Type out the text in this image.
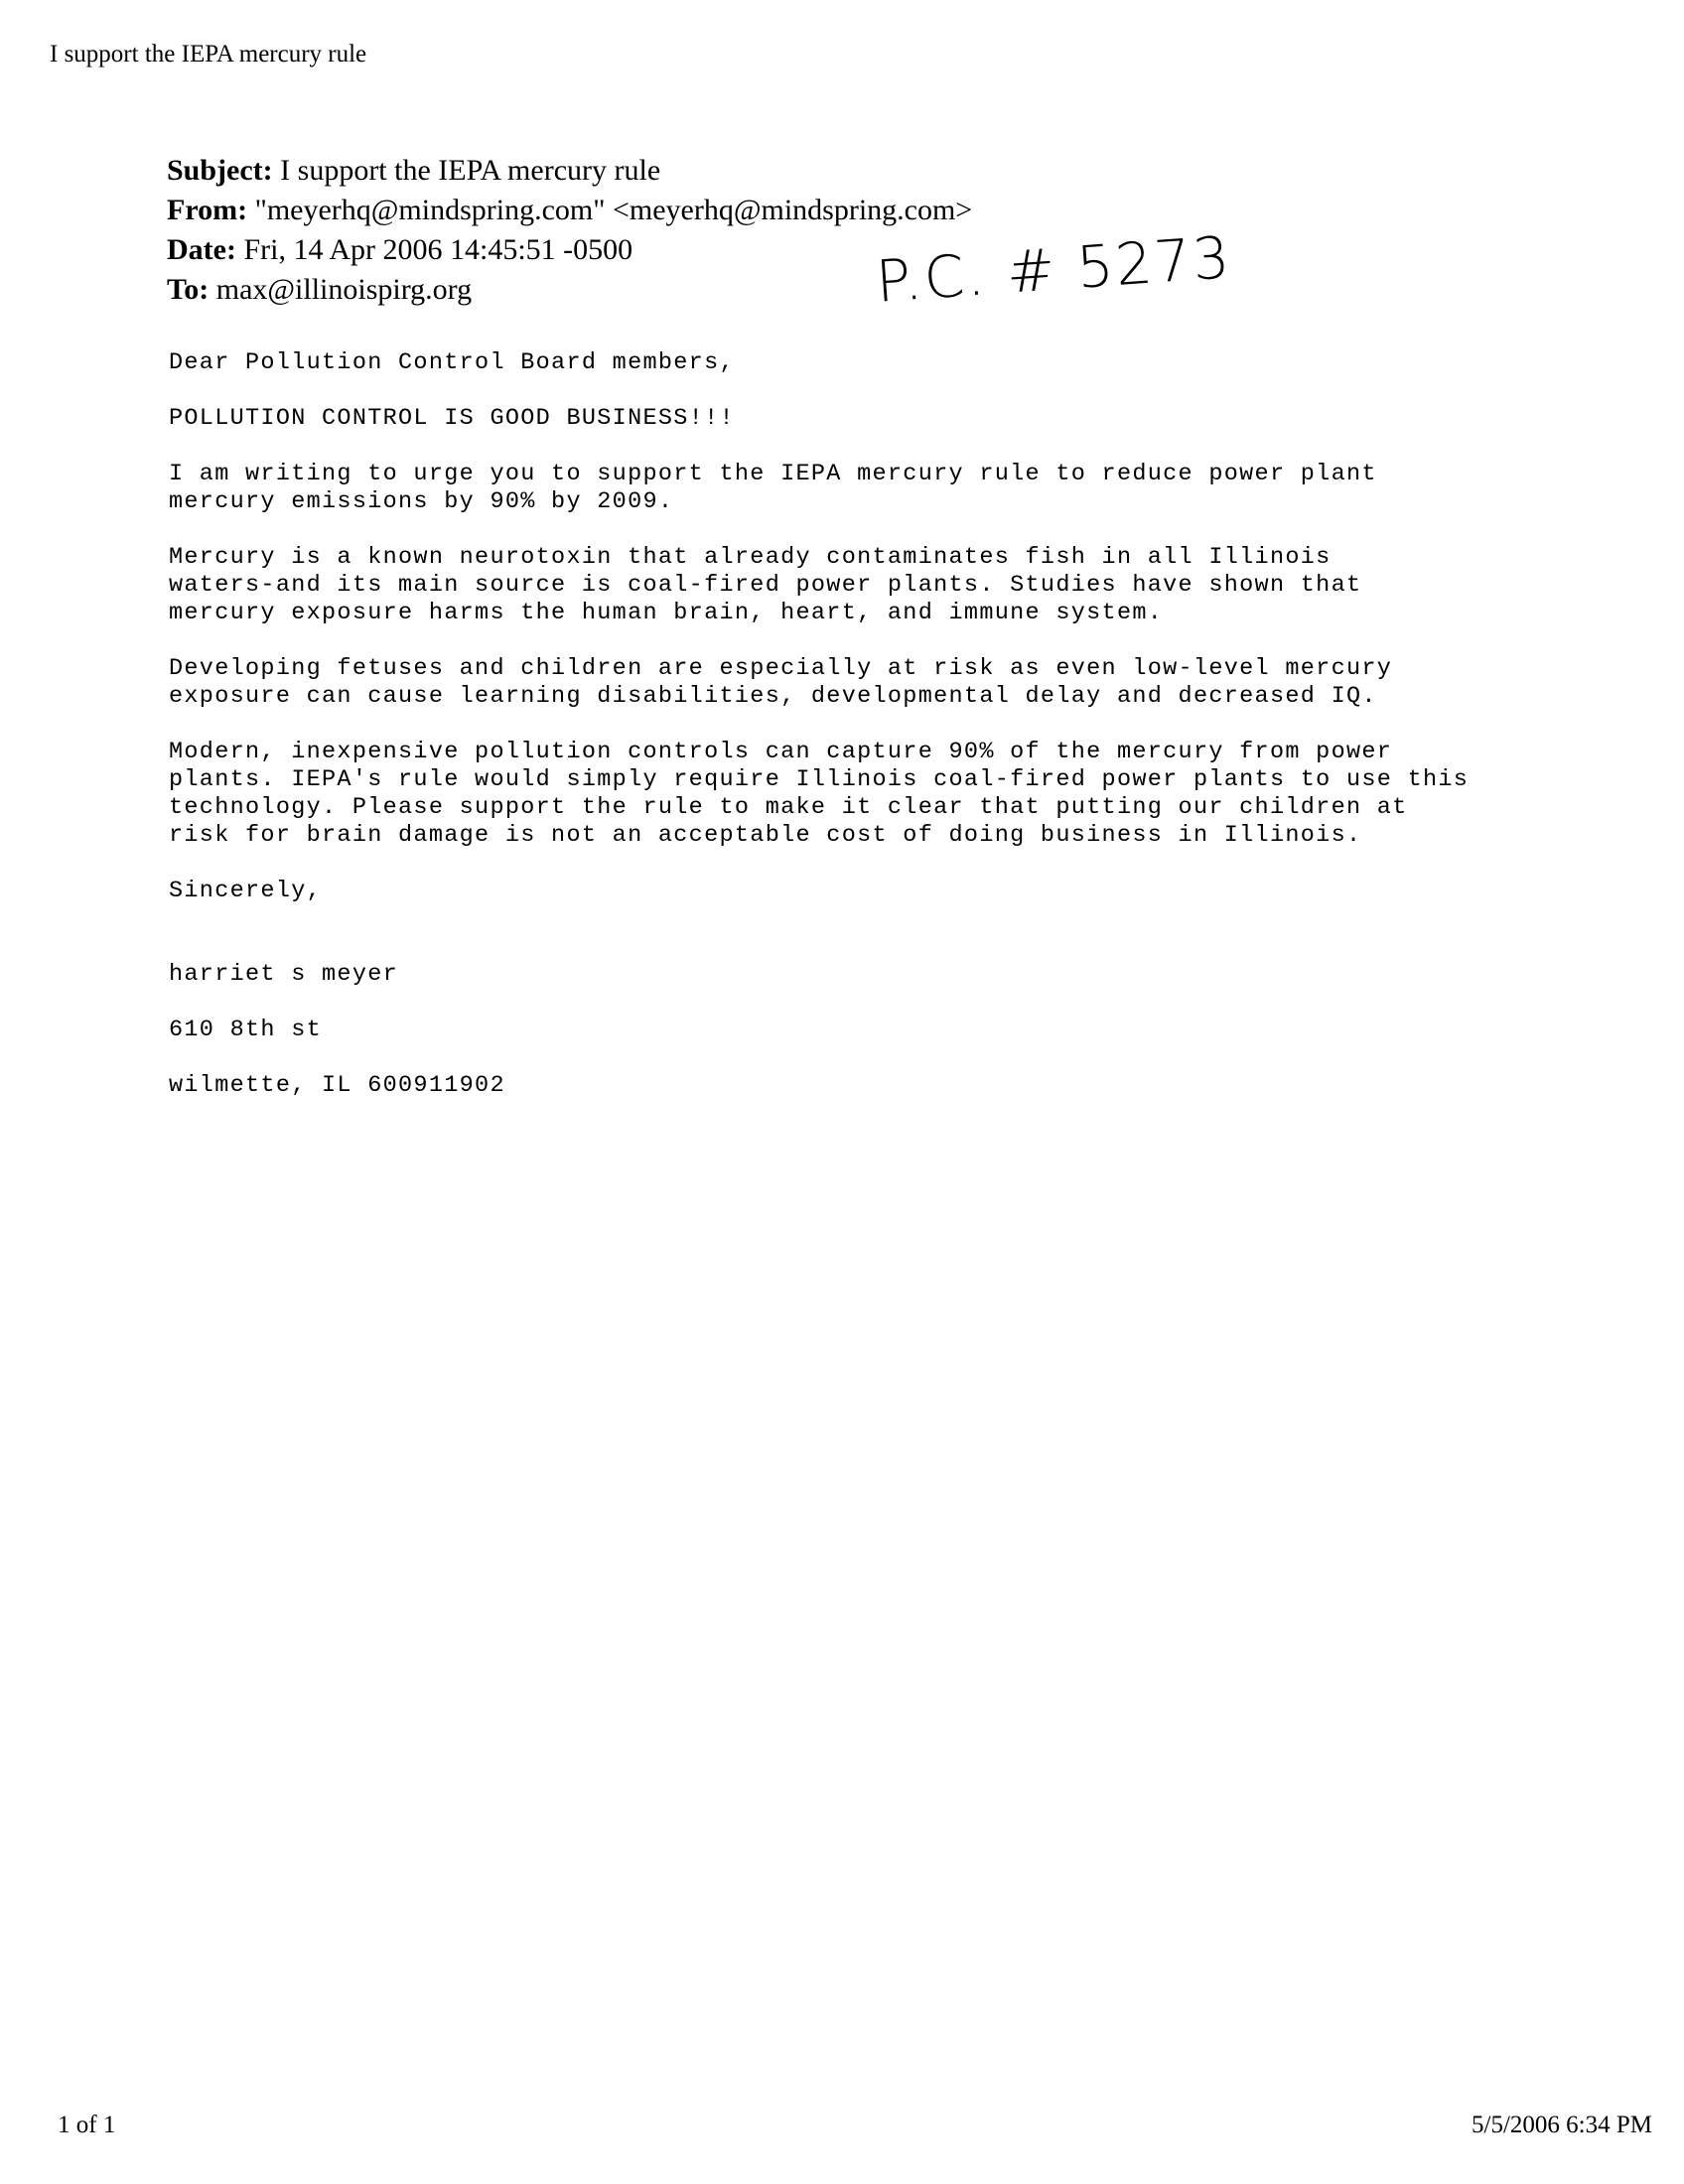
I support the IEPA mercury rule
Subject: I support the IEPA mercury rule
From: "meyerhq@mindspring.com" <meyerhq@mindspring.com>
Date: Fri, 14 Apr 2006 14:45:51 -0500
To: max@illinoispirg.org	P.C. # 5273

Dear Pollution Control Board members,

POLLUTION CONTROL IS GOOD BUSINESS!!!

I am writing to urge you to support the IEPA mercury rule to reduce power plant
mercury emissions by 90% by 2009.

Mercury is a known neurotoxin that already contaminates fish in all Illinois
waters-and its main source is coal-fired power plants. Studies have shown that
mercury exposure harms the human brain, heart, and immune system.

Developing fetuses and children are especially at risk as even low-level mercury
exposure can cause learning disabilities, developmental delay and decreased IQ.

Modern, inexpensive pollution controls can capture 90% of the mercury from power
plants. IEPA's rule would simply require Illinois coal-fired power plants to use this
technology. Please support the rule to make it clear that putting our children at
risk for brain damage is not an acceptable cost of doing business in Illinois.

Sincerely,

harriet s meyer

610 8th st

wilmette, IL 600911902

1 of 1	5/5/2006 6:34 PM
